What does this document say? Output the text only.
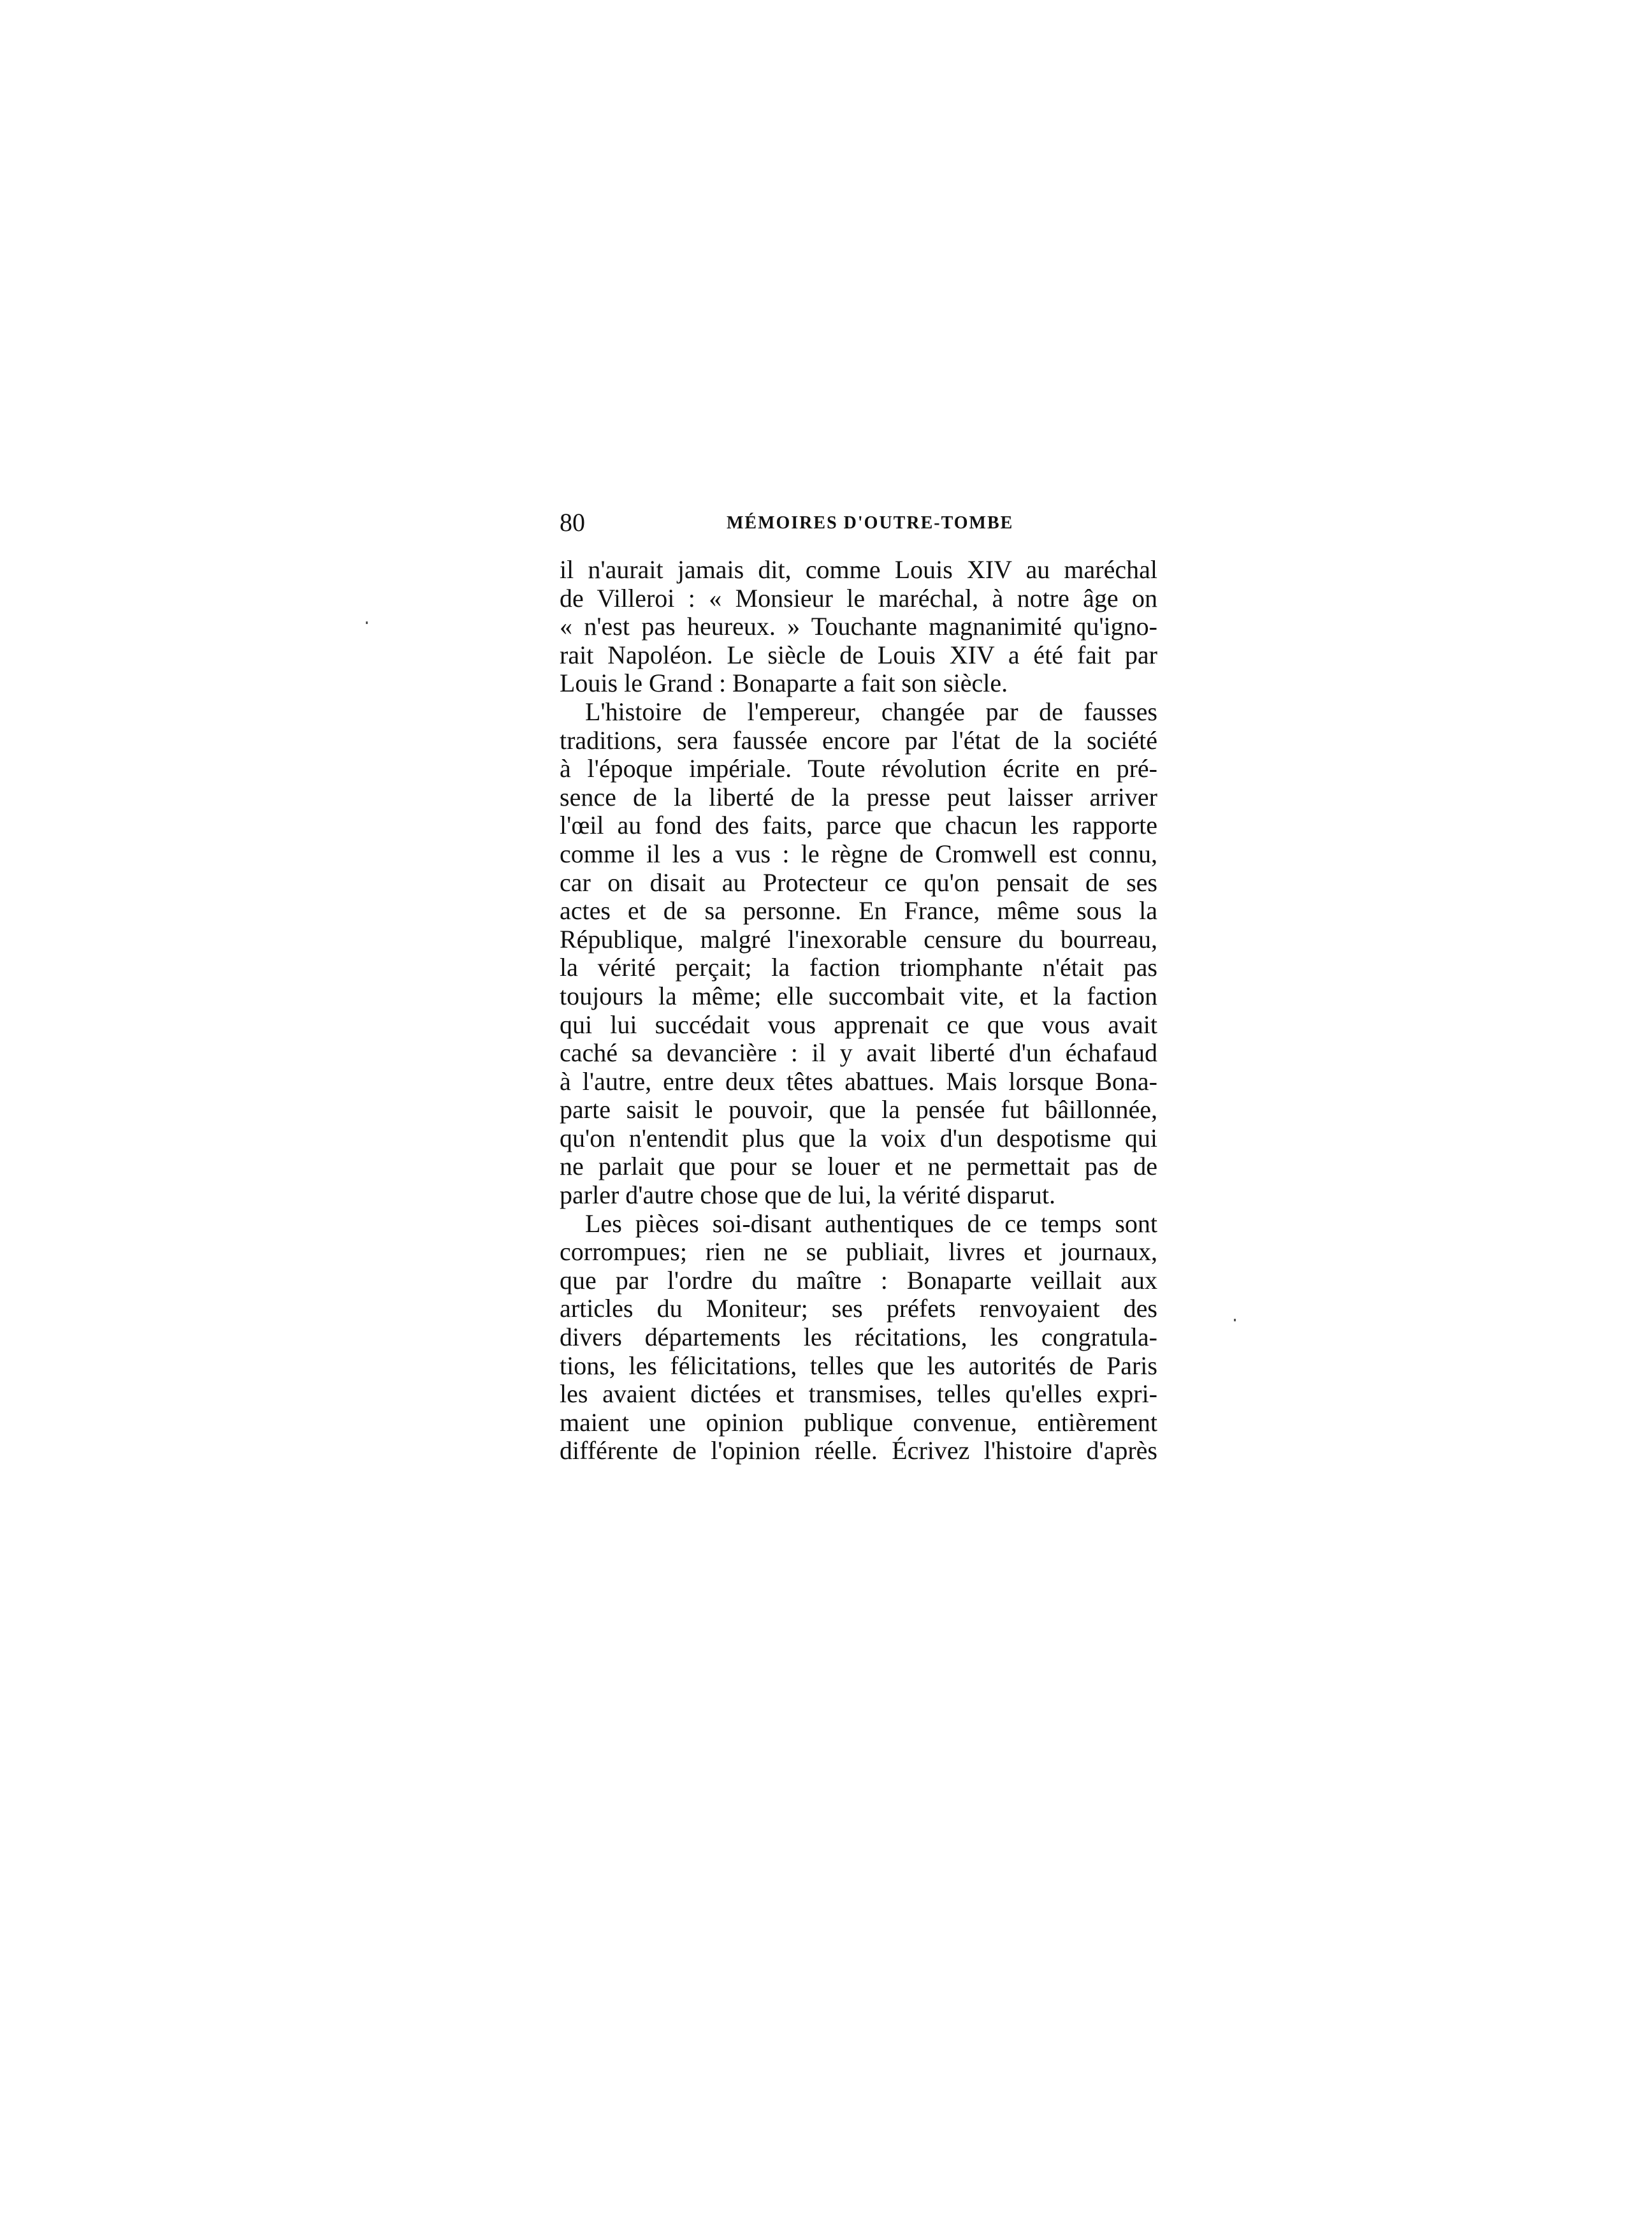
80	MÉMOIRES D'OUTRE-TOMBE
il n'aurait jamais dit, comme Louis XIV au maréchal
de Villeroi : « Monsieur le maréchal, à notre âge on
« n'est pas heureux. » Touchante magnanimité qu'igno-
rait Napoléon. Le siècle de Louis XIV a été fait par
Louis le Grand : Bonaparte a fait son siècle.
L'histoire de l'empereur, changée par de fausses
traditions, sera faussée encore par l'état de la société
à l'époque impériale. Toute révolution écrite en pré-
sence de la liberté de la presse peut laisser arriver
l'œil au fond des faits, parce que chacun les rapporte
comme il les a vus : le règne de Cromwell est connu,
car on disait au Protecteur ce qu'on pensait de ses
actes et de sa personne. En France, même sous la
République, malgré l'inexorable censure du bourreau,
la vérité perçait; la faction triomphante n'était pas
toujours la même; elle succombait vite, et la faction
qui lui succédait vous apprenait ce que vous avait
caché sa devancière : il y avait liberté d'un échafaud
à l'autre, entre deux têtes abattues. Mais lorsque Bona-
parte saisit le pouvoir, que la pensée fut bâillonnée,
qu'on n'entendit plus que la voix d'un despotisme qui
ne parlait que pour se louer et ne permettait pas de
parler d'autre chose que de lui, la vérité disparut.
Les pièces soi-disant authentiques de ce temps sont
corrompues; rien ne se publiait, livres et journaux,
que par l'ordre du maître : Bonaparte veillait aux
articles du Moniteur; ses préfets renvoyaient des
divers départements les récitations, les congratula-
tions, les félicitations, telles que les autorités de Paris
les avaient dictées et transmises, telles qu'elles expri-
maient une opinion publique convenue, entièrement
différente de l'opinion réelle. Écrivez l'histoire d'après
